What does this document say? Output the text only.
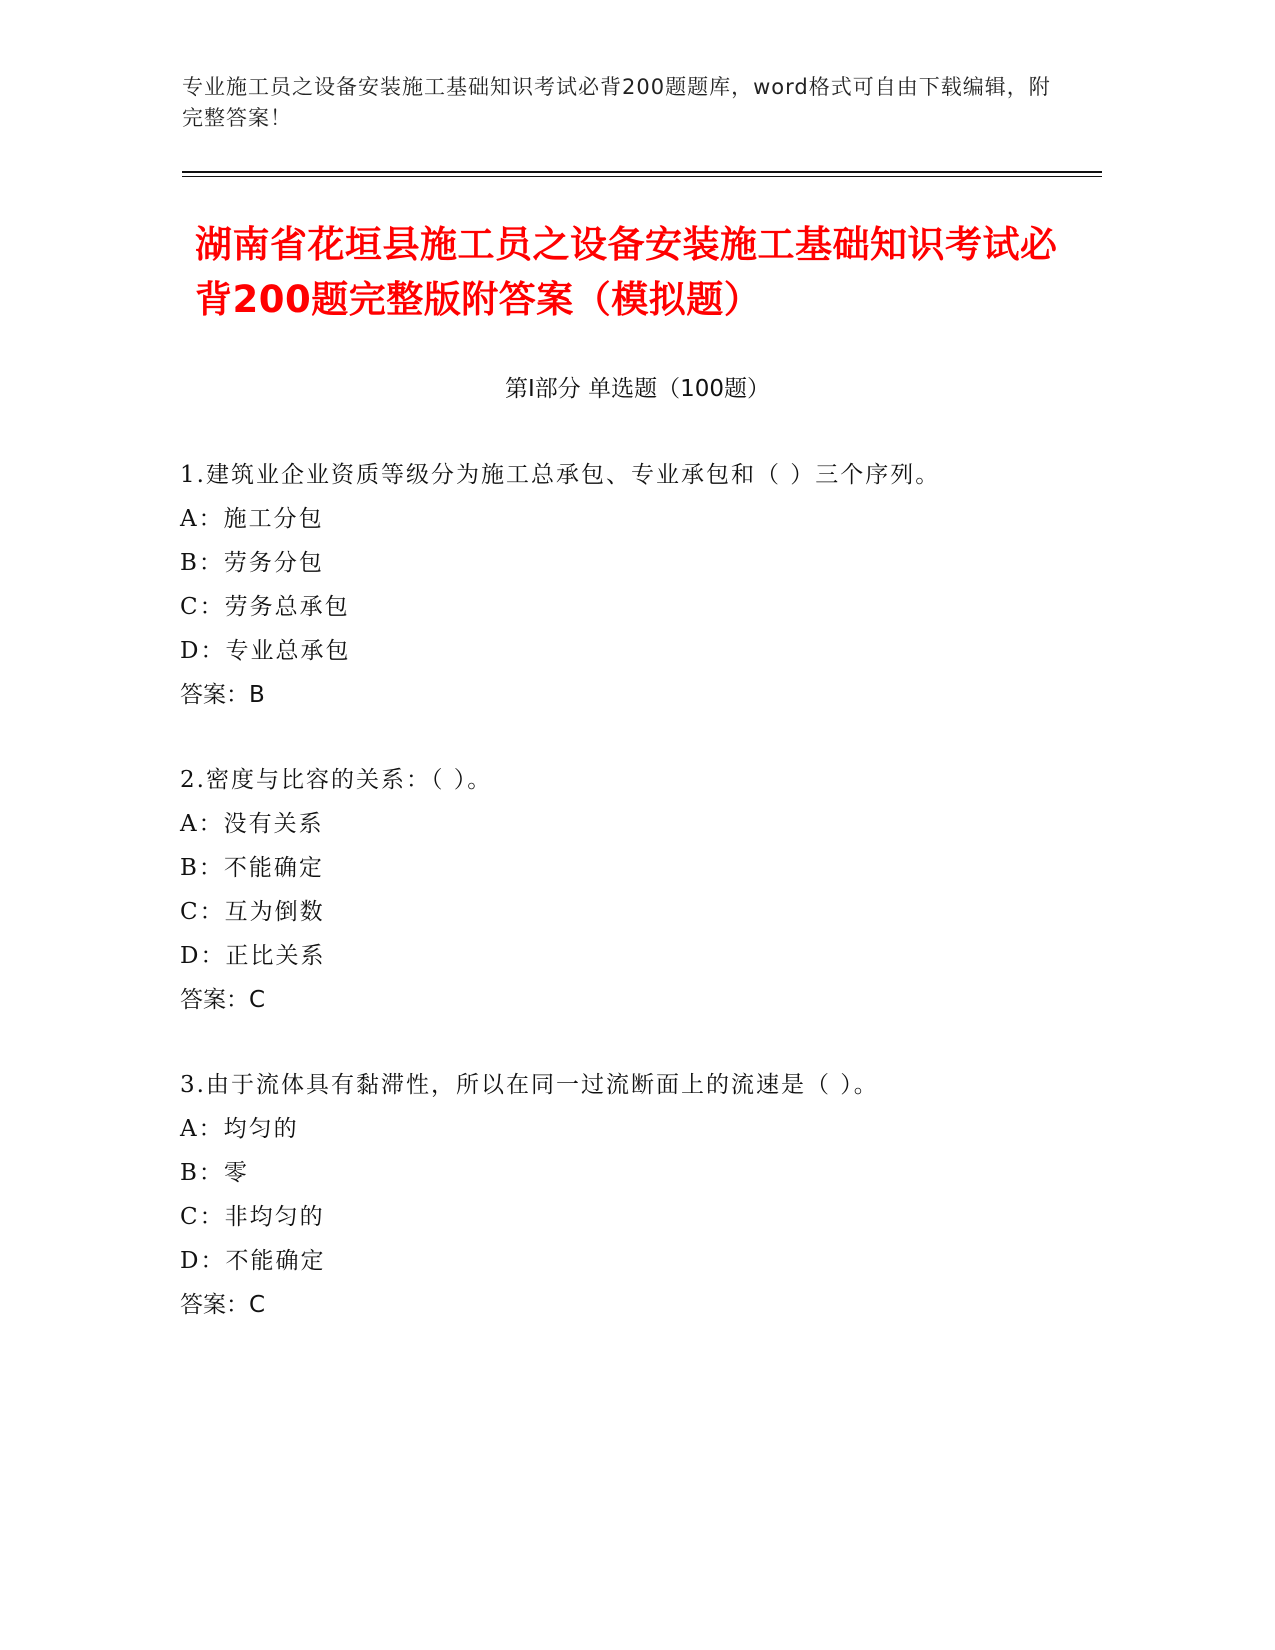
专业施工员之设备安装施工基础知识考试必背200题题库，word格式可自由下载编辑，附完整答案！
湖南省花垣县施工员之设备安装施工基础知识考试必背200题完整版附答案（模拟题）
第Ⅰ部分 单选题（100题）
1.建筑业企业资质等级分为施工总承包、专业承包和（ ）三个序列。
A：施工分包
B：劳务分包
C：劳务总承包
D：专业总承包
答案：B
2.密度与比容的关系：（ ）。
A：没有关系
B：不能确定
C：互为倒数
D：正比关系
答案：C
3.由于流体具有黏滞性，所以在同一过流断面上的流速是（ ）。
A：均匀的
B：零
C：非均匀的
D：不能确定
答案：C
